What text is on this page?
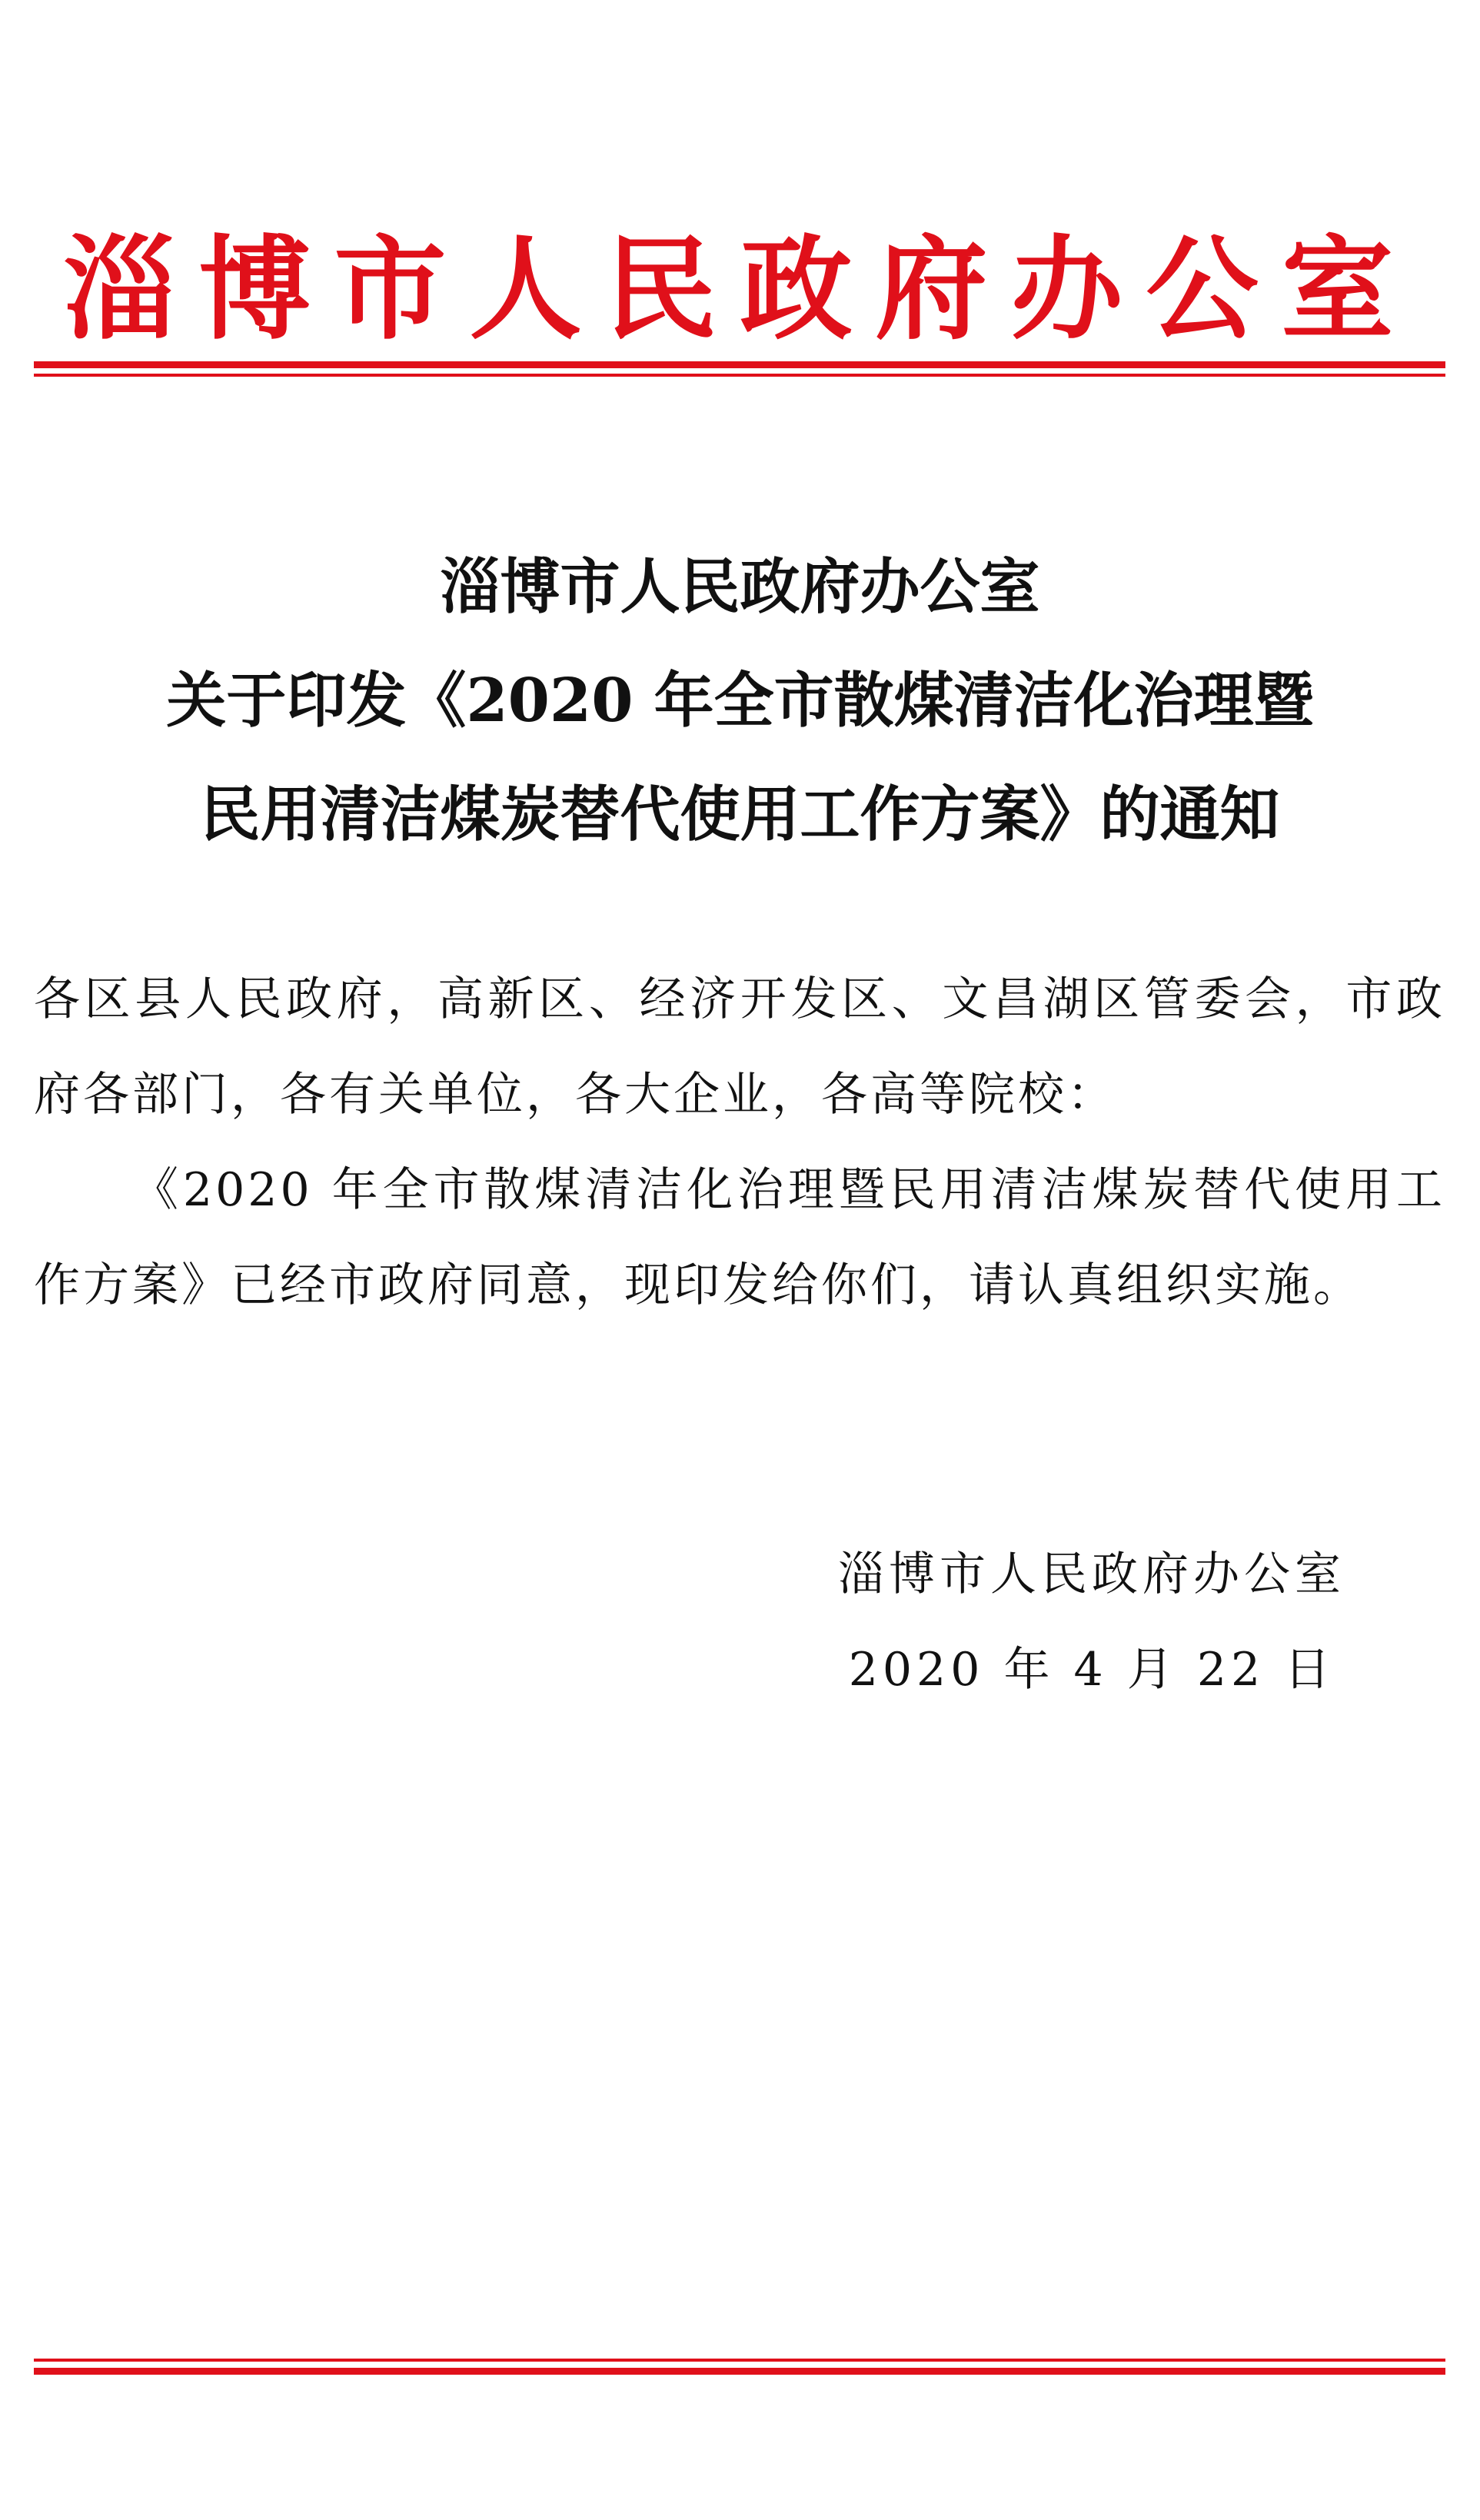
淄博市人民政府办公室
淄博市人民政府办公室
关于印发《2020 年全市散煤清洁化治理暨
民用清洁煤炭替代使用工作方案》的通知
各区县人民政府，高新区、经济开发区、文昌湖区管委会，市政府各部门，各有关单位，各大企业，各高等院校：
《2020 年全市散煤清洁化治理暨民用清洁煤炭替代使用工作方案》已经市政府同意，现印发给你们，请认真组织实施。
淄博市人民政府办公室
2020 年 4 月 22 日
